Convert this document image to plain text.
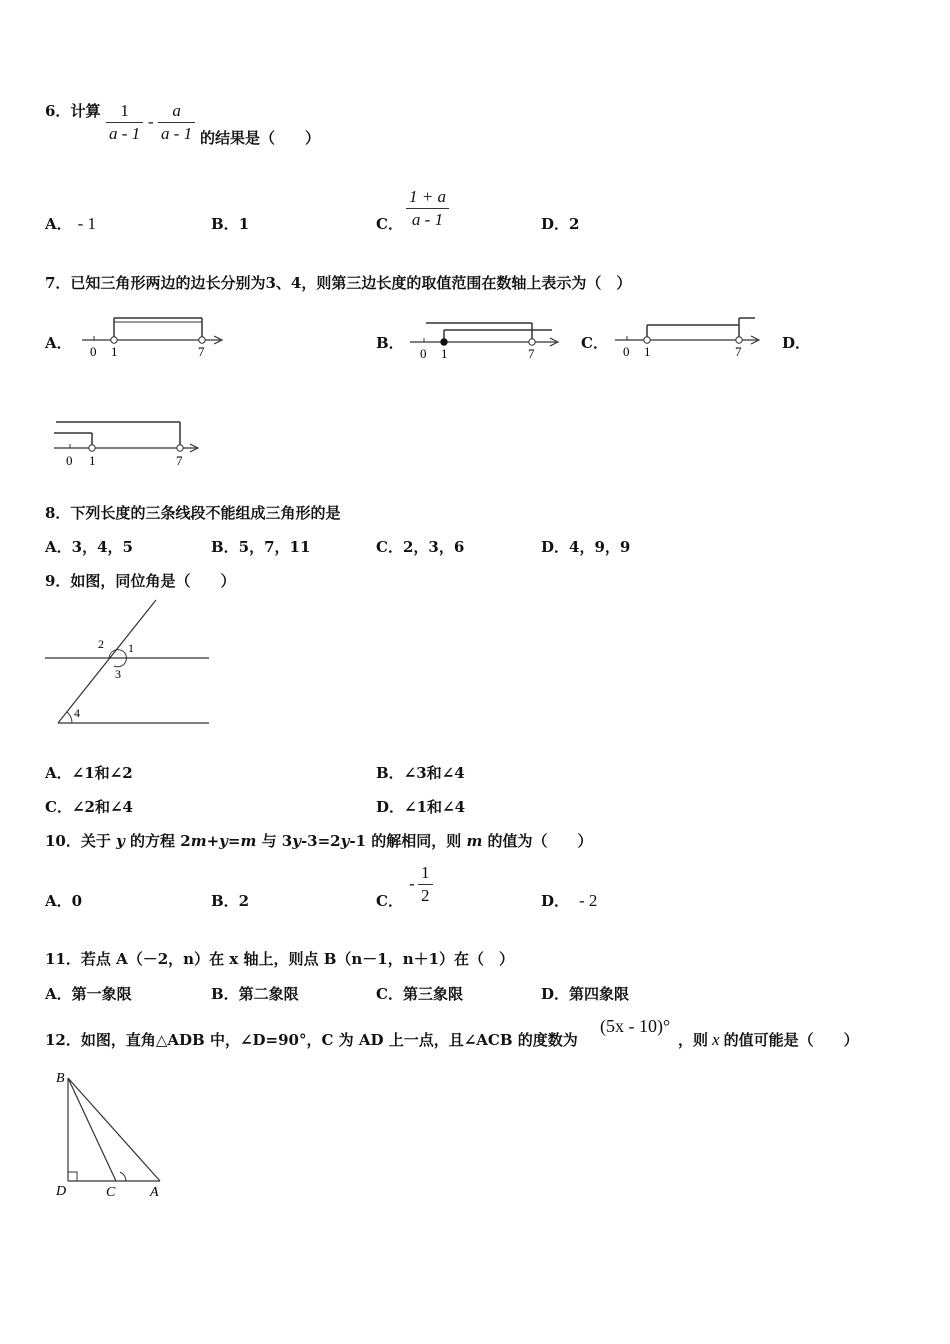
6．计算 $\frac{1}{a - 1} - \frac{a}{a - 1}$ 的结果是（　　）
A． - 1	B．1	C． $\frac{1 + a}{a - 1}$	D．2
7．已知三角形两边的边长分别为3、4，则第三边长度的取值范围在数轴上表示为（　）
A． 0 1	7	B．
0 1	7
C． 0 1	7	D．
0 1	7
8．下列长度的三条线段不能组成三角形的是
A．3，4，5	B．5，7，11	C．2，3，6	D．4，9，9
9．如图，同位角是（　　）
1
2
3
4
A．∠1和∠2	B．∠3和∠4
C．∠2和∠4	D．∠1和∠4
10．关于 y 的方程 2m+y=m 与 3y-3=2y-1 的解相同，则 m 的值为（　　）
A．0	B．2	C．
- $\frac{1}{2}$	D． - 2
11．若点 A（－2，n）在 x 轴上，则点 B（n－1，n＋1）在（　）
A．第一象限	B．第二象限	C．第三象限	D．第四象限
12．如图，直角△ADB 中，∠D=90°，C 为 AD 上一点，且∠ACB 的度数为
(5x - 10)°
，则 x 的值可能是（　　）
B
D	C A
